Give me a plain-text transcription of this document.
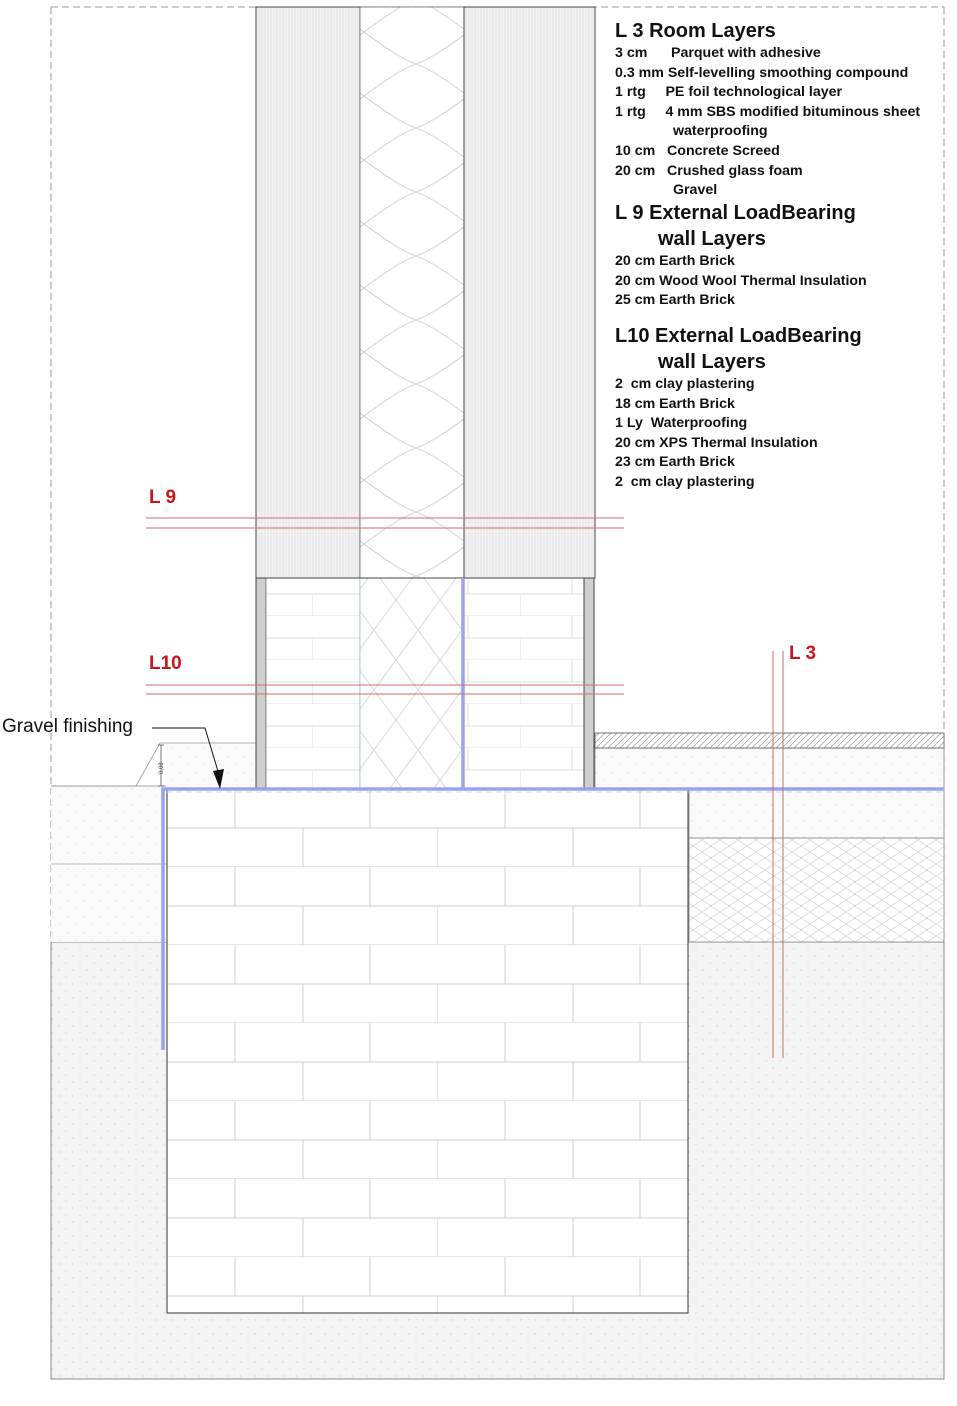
0.08
L 9
L10	L 3
Gravel finishing
L 3 Room Layers
3 cm      Parquet with adhesive
0.3 mm Self-levelling smoothing compound
1 rtg     PE foil technological layer
1 rtg     4 mm SBS modified bituminous sheet
waterproofing
10 cm   Concrete Screed
20 cm   Crushed glass foam
Gravel
L 9 External LoadBearing
wall Layers
20 cm Earth Brick
20 cm Wood Wool Thermal Insulation
25 cm Earth Brick
L10 External LoadBearing
wall Layers
2  cm clay plastering
18 cm Earth Brick
1 Ly  Waterproofing
20 cm XPS Thermal Insulation
23 cm Earth Brick
2  cm clay plastering
